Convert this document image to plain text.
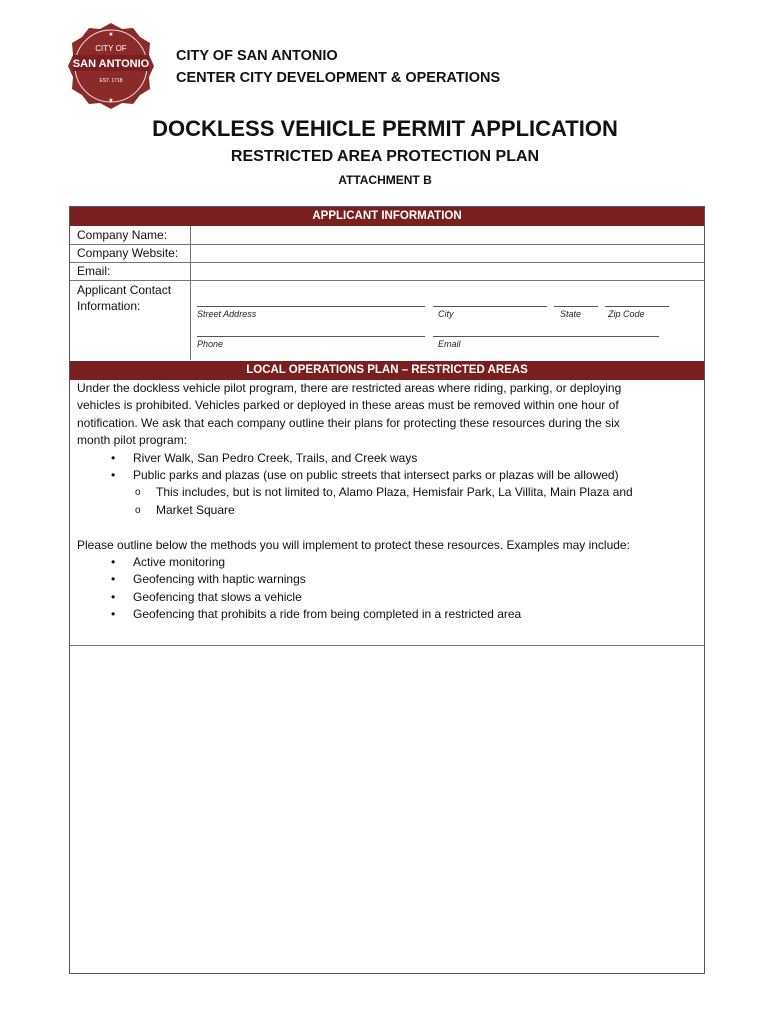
★
CITY OF
SAN ANTONIO
EST. 1718
★
CITY OF SAN ANTONIO
CENTER CITY DEVELOPMENT & OPERATIONS
DOCKLESS VEHICLE PERMIT APPLICATION
RESTRICTED AREA PROTECTION PLAN
ATTACHMENT B
APPLICANT INFORMATION
Company Name:
Company Website:
Email:
Applicant Contact
Information:
Street Address	City	State	Zip Code
Phone	Email
LOCAL OPERATIONS PLAN – RESTRICTED AREAS

Under the dockless vehicle pilot program, there are restricted areas where riding, parking, or deploying

vehicles is prohibited. Vehicles parked or deployed in these areas must be removed within one hour of

notification. We ask that each company outline their plans for protecting these resources during the six

month pilot program:

• River Walk, San Pedro Creek, Trails, and Creek ways

• Public parks and plazas (use on public streets that intersect parks or plazas will be allowed)

o This includes, but is not limited to, Alamo Plaza, Hemisfair Park, La Villita, Main Plaza and

o Market Square

Please outline below the methods you will implement to protect these resources. Examples may include:

• Active monitoring

• Geofencing with haptic warnings

• Geofencing that slows a vehicle

• Geofencing that prohibits a ride from being completed in a restricted area
